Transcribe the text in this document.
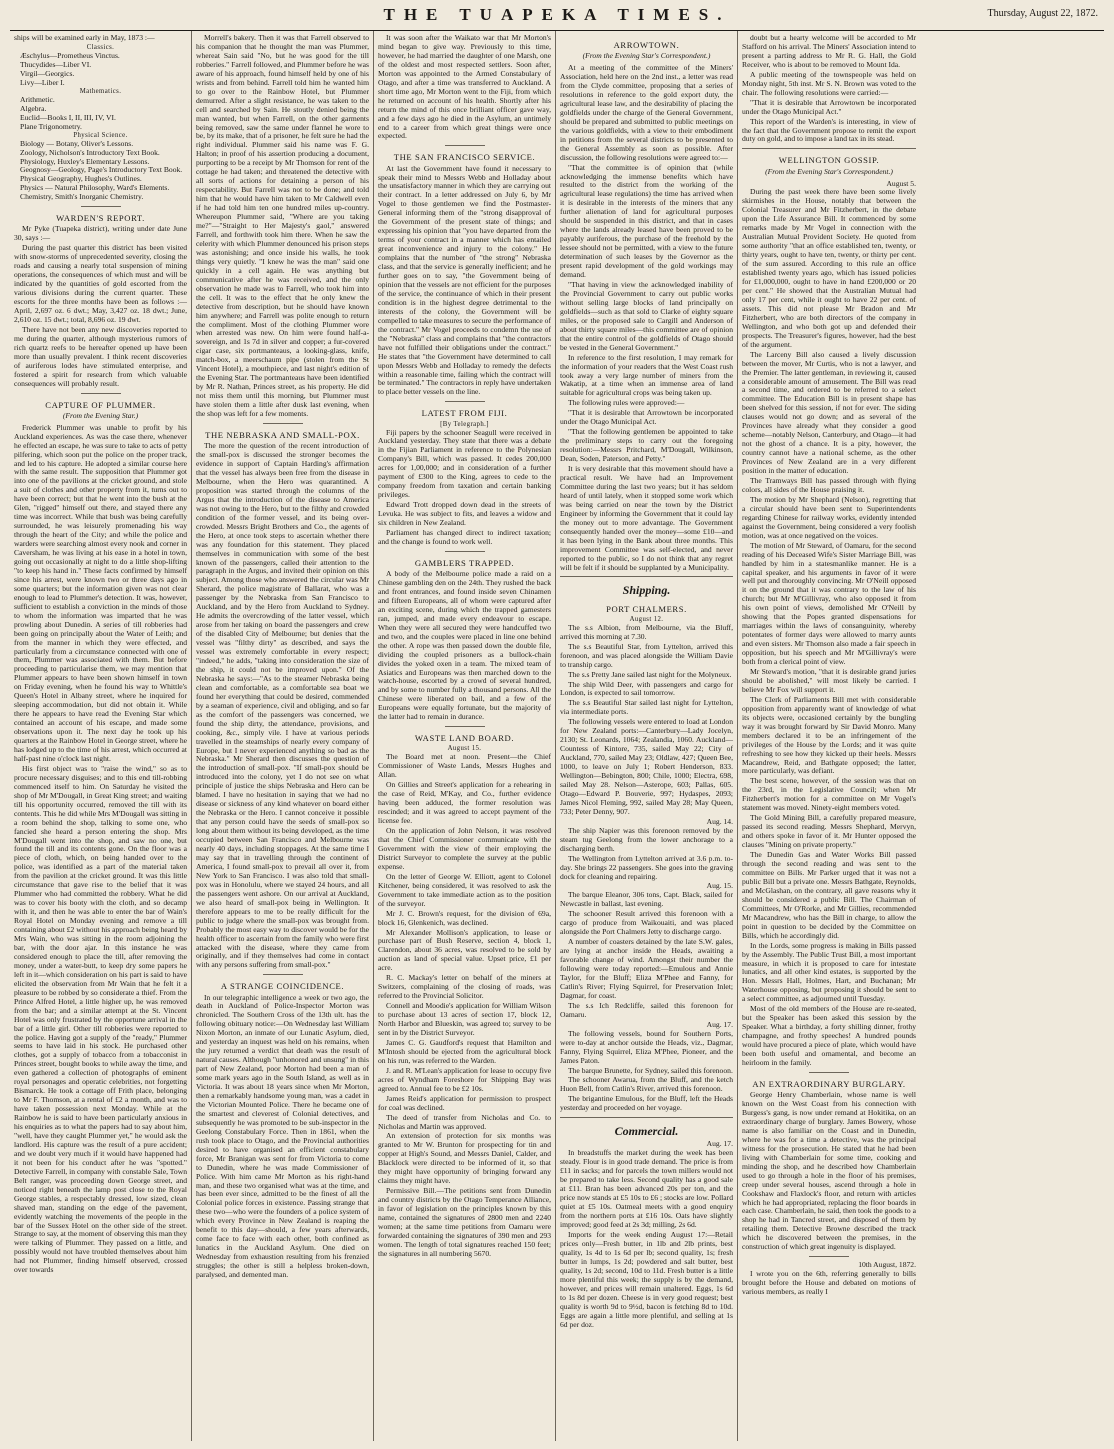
THE TUAPEKA TIMES.	Thursday, August 22, 1872.

ships will be examined early in May, 1873 :—

Classics.
Æschylus—Prometheus Vinctus.
Thucydides—Liber VI.
Virgil—Georgics.
Livy—Liber I.
Mathematics.
Arithmetic.
Algebra.
Euclid—Books I, II, III, IV, VI.
Plane Trigonometry.
Physical Science.
Biology — Botany, Oliver's Lessons.
Zoology, Nicholson's Introductory Text Book.
Physiology, Huxley's Elementary Lessons.
Geognosy—Geology, Page's Introductory Text Book.
Physical Geography, Hughes's Outlines.
Physics — Natural Philosophy, Ward's Elements.
Chemistry, Smith's Inorganic Chemistry.
WARDEN'S REPORT.

Mr Pyke (Tuapeka district), writing under date June 30, says :—

During the past quarter this district has been visited with snow-storms of unprecedented severity, closing the roads and causing a nearly total suspension of mining operations, the consequences of which must and will be indicated by the quantities of gold escorted from the various divisions during the current quarter. These escorts for the three months have been as follows :—April, 2,697 oz. 6 dwt.; May, 3,427 oz. 18 dwt.; June, 2,610 oz. 15 dwt.; total, 8,696 oz. 19 dwt.

There have not been any new discoveries reported to me during the quarter, although mysterious rumors of rich quartz reefs to be hereafter opened up have been more than usually prevalent. I think recent discoveries of auriferous lodes have stimulated enterprise, and fostered a spirit for research from which valuable consequences will probably result.

CAPTURE OF PLUMMER.
(From the Evening Star.)

Frederick Plummer was unable to profit by his Auckland experiences. As was the case there, whenever he effected an escape, he was sure to take to acts of petty pilfering, which soon put the police on the proper track, and led to his capture. He adopted a similar course here with the same result. The supposition that Plummer got into one of the pavilions at the cricket ground, and stole a suit of clothes and other property from it, turns out to have been correct; but that he went into the bush at the Glen, "rigged" himself out there, and stayed there any time was incorrect. While that bush was being carefully surrounded, he was leisurely promenading his way through the heart of the City; and while the police and warders were searching almost every nook and corner in Caversham, he was living at his ease in a hotel in town, going out occasionally at night to do a little shop-lifting "to keep his hand in." These facts confirmed by himself since his arrest, were known two or three days ago in some quarters; but the information given was not clear enough to lead to Plummer's detection. It was, however, sufficient to establish a conviction in the minds of those to whom the information was imparted that he was prowling about Dunedin. A series of till robberies had been going on principally about the Water of Leith; and from the manner in which they were effected, and particularly from a circumstance connected with one of them, Plummer was associated with them. But before proceeding to particularise them, we may mention that Plummer appears to have been shown himself in town on Friday evening, when he found his way to Whittle's Queen's Hotel in Albany street, where he inquired for sleeping accommodation, but did not obtain it. While there he appears to have read the Evening Star which contained an account of his escape, and made some observations upon it. The next day he took up his quarters at the Rainbow Hotel in George street, where he has lodged up to the time of his arrest, which occurred at half-past nine o'clock last night.

His first object was to "raise the wind," so as to procure necessary disguises; and to this end till-robbing commenced itself to him. On Saturday he visited the shop of Mr M'Dougall, in Great King street; and waiting till his opportunity occurred, removed the till with its contents. This he did while Mrs M'Dougall was sitting in a room behind the shop, talking to some one, who fancied she heard a person entering the shop. Mrs M'Dougall went into the shop, and saw no one, but found the till and its contents gone. On the floor was a piece of cloth, which, on being handed over to the police, was identified as a part of the material taken from the pavilion at the cricket ground. It was this little circumstance that gave rise to the belief that it was Plummer who had committed the robbery. What he did was to cover his booty with the cloth, and so decamp with it, and then he was able to enter the bar of Wain's Royal Hotel on Monday evening and remove a till containing about £2 without his approach being heard by Mrs Wain, who was sitting in the room adjoining the bar, with the door ajar. In this instance he was considered enough to place the till, after removing the money, under a water-butt, to keep dry some papers he left in it—which consideration on his part is said to have elicited the observation from Mr Wain that he felt it a pleasure to be robbed by so considerate a thief. From the Prince Alfred Hotel, a little higher up, he was removed from the bar; and a similar attempt at the St. Vincent Hotel was only frustrated by the opportune arrival in the bar of a little girl. Other till robberies were reported to the police. Having got a supply of the "ready," Plummer seems to have laid in his stock. He purchased other clothes, got a supply of tobacco from a tobacconist in Princes street, bought books to while away the time, and even gathered a collection of photographs of eminent royal personages and operatic celebrities, not forgetting Bismarck. He took a cottage off Frith place, belonging to Mr F. Thomson, at a rental of £2 a month, and was to have taken possession next Monday. While at the Rainbow he is said to have been particularly anxious in his enquiries as to what the papers had to say about him, "well, have they caught Plummer yet," he would ask the landlord. His capture was the result of a pure accident; and we doubt very much if it would have happened had it not been for his conduct after he was "spotted." Detective Farrell, in company with constable Sale, Town Belt ranger, was proceeding down George street, and noticed right beneath the lamp post close to the Royal George stables, a respectably dressed, low sized, clean shaved man, standing on the edge of the pavement, evidently watching the movements of the people in the bar of the Sussex Hotel on the other side of the street. Strange to say, at the moment of observing this man they were talking of Plummer. They passed on a little, and possibly would not have troubled themselves about him had not Plummer, finding himself observed, crossed over towards

Morrell's bakery. Then it was that Farrell observed to his companion that he thought the man was Plummer, whereat Sain said "No, but he was good for the till robberies." Farrell followed, and Plummer before he was aware of his approach, found himself held by one of his wrists and from behind. Farrell told him he wanted him to go over to the Rainbow Hotel, but Plummer demurred. After a slight resistance, he was taken to the cell and searched by Sain. He stoutly denied being the man wanted, but when Farrell, on the other garments being removed, saw the same under flannel he wore to be, by its make, that of a prisoner, he felt sure he had the right individual. Plummer said his name was F. G. Halton; in proof of his assertion producing a document, purporting to be a receipt by Mr Thomson for rent of the cottage he had taken; and threatened the detective with all sorts of actions for detaining a person of his respectability. But Farrell was not to be done; and told him that he would have him taken to Mr Caldwell even if he had told him ten one hundred miles up-country. Whereupon Plummer said, "Where are you taking me?"—"Straight to Her Majesty's gaol," answered Farrell, and forthwith took him there. When he saw the celerity with which Plummer denounced his prison steps was astonishing; and once inside his walls, he took things very quietly. "I knew he was the man" said one quickly in a cell again. He was anything but communicative after he was received, and the only observation he made was to Farrell, who took him into the cell. It was to the effect that he only knew the detective from description, but he should have known him anywhere; and Farrell was polite enough to return the compliment. Most of the clothing Plummer wore when arrested was new. On him were found half-a-sovereign, and 1s 7d in silver and copper; a fur-covered cigar case, six portmanteaus, a looking-glass, knife, match-box, a meerschaum pipe (stolen from the St Vincent Hotel), a mouthpiece, and last night's edition of the Evening Star. The portmanteaus have been identified by Mr R. Nathan, Princes street, as his property. He did not miss them until this morning, but Plummer must have stolen them a little after dusk last evening, when the shop was left for a few moments.

THE NEBRASKA AND SMALL-POX.

The more the question of the recent introduction of the small-pox is discussed the stronger becomes the evidence in support of Captain Harding's affirmation that the vessel has always been free from the disease in Melbourne, when the Hero was quarantined. A proposition was started through the columns of the Argus that the introduction of the disease to America was not owing to the Hero, but to the filthy and crowded condition of the former vessel, and its being over-crowded. Messrs Bright Brothers and Co., the agents of the Hero, at once took steps to ascertain whether there was any foundation for this statement. They placed themselves in communication with some of the best known of the passengers, called their attention to the paragraph in the Argus, and invited their opinion on this subject. Among those who answered the circular was Mr Sherard, the police magistrate of Ballarat, who was a passenger by the Nebraska from San Francisco to Auckland, and by the Hero from Auckland to Sydney. He admits the overcrowding of the latter vessel, which arose from her taking on board the passengers and crew of the disabled City of Melbourne; but denies that the vessel was "filthy dirty" as described, and says the vessel was extremely comfortable in every respect; "indeed," he adds, "taking into consideration the size of the ship, it could not be improved upon." Of the Nebraska he says:—"As to the steamer Nebraska being clean and comfortable, as a comfortable sea boat we found her everything that could be desired, commended by a seaman of experience, civil and obliging, and so far as the comfort of the passengers was concerned, we found the ship dirty, the attendance, provisions, and cooking, &c., simply vile. I have at various periods travelled in the steamships of nearly every company of Europe, but I never experienced anything so bad as the Nebraska." Mr Sherard then discusses the question of the introduction of small-pox. "If small-pox should be introduced into the colony, yet I do not see on what principle of justice the ships Nebraska and Hero can be blamed. I have no hesitation in saying that we had no disease or sickness of any kind whatever on board either the Nebraska or the Hero. I cannot conceive it possible that any person could have the seeds of small-pox so long about them without its being developed, as the time occupied between San Francisco and Melbourne was nearly 40 days, including stoppages. At the same time I may say that in travelling through the continent of America, I found small-pox to prevail all over it, from New York to San Francisco. I was also told that small-pox was in Honolulu, where we stayed 24 hours, and all the passengers went ashore. On our arrival at Auckland, we also heard of small-pox being in Wellington. It therefore appears to me to be really difficult for the public to judge where the small-pox was brought from. Probably the most easy way to discover would be for the health officer to ascertain from the family who were first attacked with the disease, where they came from originally, and if they themselves had come in contact with any persons suffering from small-pox."

A STRANGE COINCIDENCE.

In our telegraphic intelligence a week or two ago, the death in Auckland of Police-Inspector Morton was chronicled. The Southern Cross of the 13th ult. has the following obituary notice:—On Wednesday last William Nixon Morton, an inmate of our Lunatic Asylum, died, and yesterday an inquest was held on his remains, when the jury returned a verdict that death was the result of natural causes. Although "unhonored and unsung" in this part of New Zealand, poor Morton had been a man of some mark years ago in the South Island, as well as in Victoria. It was about 18 years since when Mr Morton, then a remarkably handsome young man, was a cadet in the Victorian Mounted Police. There he became one of the smartest and cleverest of Colonial detectives, and subsequently he was promoted to be sub-inspector in the Geelong Constabulary Force. Then in 1861, when the rush took place to Otago, and the Provincial authorities desired to have organised an efficient constabulary force, Mr Branigan was sent for from Victoria to come to Dunedin, where he was made Commissioner of Police. With him came Mr Morton as his right-hand man, and these two organised what was at the time, and has been ever since, admitted to be the finest of all the Colonial police forces in existence. Passing strange that these two—who were the founders of a police system of which every Province in New Zealand is reaping the benefit to this day—should, a few years afterwards, come face to face with each other, both confined as lunatics in the Auckland Asylum. One died on Wednesday from exhaustion resulting from his frenzied struggles; the other is still a helpless broken-down, paralysed, and demented man.

It was soon after the Waikato war that Mr Morton's mind began to give way. Previously to this time, however, he had married the daughter of one Marsh, one of the oldest and most respected settlers. Soon after, Morton was appointed to the Armed Constabulary of Otago, and after a time was transferred to Auckland. A short time ago, Mr Morton went to the Fiji, from which he returned on account of his health. Shortly after his return the mind of this once brilliant officer gave way, and a few days ago he died in the Asylum, an untimely end to a career from which great things were once expected.

THE SAN FRANCISCO SERVICE.

At last the Government have found it necessary to speak their mind to Messrs Webb and Holladay about the unsatisfactory manner in which they are carrying out their contract. In a letter addressed on July 6, by Mr Vogel to those gentlemen we find the Postmaster-General informing them of the "strong disapproval of the Government of the present state of things; and expressing his opinion that "you have departed from the terms of your contract in a manner which has entailed great inconvenience and injury to the colony." He complains that the number of "the strong" Nebraska class, and that the service is generally inefficient; and he further goes on to say, "the Government being of opinion that the vessels are not efficient for the purposes of the service, the continuance of which in their present condition is in the highest degree detrimental to the interests of the colony, the Government will be compelled to take measures to secure the performance of the contract." Mr Vogel proceeds to condemn the use of the "Nebraska" class and complains that "the contractors have not fulfilled their obligations under the contract." He states that "the Government have determined to call upon Messrs Webb and Holladay to remedy the defects within a reasonable time, failing which the contract will be terminated." The contractors in reply have undertaken to place better vessels on the line.

LATEST FROM FIJI.
[By Telegraph.]

Fiji papers by the schooner Seagull were received in Auckland yesterday. They state that there was a debate in the Fijian Parliament in reference to the Polynesian Company's Bill, which was passed. It cedes 200,000 acres for 1,00,000; and in consideration of a further payment of £300 to the King, agrees to cede to the company freedom from taxation and certain banking privileges.

Edward Trott dropped down dead in the streets of Levuka. He was subject to fits, and leaves a widow and six children in New Zealand.

Parliament has changed direct to indirect taxation; and the change is found to work well.

GAMBLERS TRAPPED.

A body of the Melbourne police made a raid on a Chinese gambling den on the 24th. They rushed the back and front entrances, and found inside seven Chinamen and fifteen Europeans, all of whom were captured after an exciting scene, during which the trapped gamesters ran, jumped, and made every endeavour to escape. When they were all secured they were handcuffed two and two, and the couples were placed in line one behind the other. A rope was then passed down the double file, dividing the coupled prisoners as a bullock-chain divides the yoked oxen in a team. The mixed team of Asiatics and Europeans was then marched down to the watch-house, escorted by a crowd of several hundred, and by some to number fully a thousand persons. All the Chinese were liberated on bail, and a few of the Europeans were equally fortunate, but the majority of the latter had to remain in durance.

WASTE LAND BOARD.
August 15.

The Board met at noon. Present—the Chief Commissioner of Waste Lands, Messrs Hughes and Allan.

On Gillies and Street's application for a rehearing in the case of Reid, M'Kay, and Co., further evidence having been adduced, the former resolution was rescinded; and it was agreed to accept payment of the license fee.

On the application of John Nelson, it was resolved that the Chief Commissioner communicate with the Government with the view of their employing the District Surveyor to complete the survey at the public expense.

On the letter of George W. Elliott, agent to Colonel Kitchener, being considered, it was resolved to ask the Government to take immediate action as to the position of the surveyor.

Mr J. C. Brown's request, for the division of 69a, block 16, Glenkenich, was declined.

Mr Alexander Mollison's application, to lease or purchase part of Bush Reserve, section 4, block 1, Clarendon, about 36 acres, was resolved to be sold by auction as land of special value. Upset price, £1 per acre.

R. C. Mackay's letter on behalf of the miners at Switzers, complaining of the closing of roads, was referred to the Provincial Solicitor.

Connell and Moodie's application for William Wilson to purchase about 13 acres of section 17, block 12, North Harbor and Blueskin, was agreed to; survey to be sent in by the District Surveyor.

James C. G. Gaudford's request that Hamilton and M'Intosh should be ejected from the agricultural block on his run, was referred to the Warden.

J. and R. M'Lean's application for lease to occupy five acres of Wyndham Foreshore for Shipping Bay was agreed to. Annual fee to be £2 10s.

James Reid's application for permission to prospect for coal was declined.

The deed of transfer from Nicholas and Co. to Nicholas and Martin was approved.

An extension of protection for six months was granted to Mr W. Brunton for prospecting for tin and copper at High's Sound, and Messrs Daniel, Calder, and Blacklock were directed to be informed of it, so that they might have opportunity of bringing forward any claims they might have.

Permissive Bill.—The petitions sent from Dunedin and country districts by the Otago Temperance Alliance, in favor of legislation on the principles known by this name, contained the signatures of 2800 men and 2240 women; at the same time petitions from Oamaru were forwarded containing the signatures of 390 men and 293 women. The length of total signatures reached 150 feet; the signatures in all numbering 5670.

ARROWTOWN.
(From the Evening Star's Correspondent.)

At a meeting of the committee of the Miners' Association, held here on the 2nd inst., a letter was read from the Clyde committee, proposing that a series of resolutions in reference to the gold export duty, the agricultural lease law, and the desirability of placing the goldfields under the charge of the General Government, should be prepared and submitted to public meetings on the various goldfields, with a view to their embodiment in petitions from the several districts to be presented to the General Assembly as soon as possible. After discussion, the following resolutions were agreed to:—

"That the committee is of opinion that (while acknowledging the immense benefits which have resulted to the district from the working of the agricultural lease regulations) the time has arrived when it is desirable in the interests of the miners that any further alienation of land for agricultural purposes should be suspended in this district, and that in cases where the lands already leased have been proved to be payably auriferous, the purchase of the freehold by the lessee should not be permitted, with a view to the future determination of such leases by the Governor as the present rapid development of the gold workings may demand.

"That having in view the acknowledged inability of the Provincial Government to carry out public works without selling large blocks of land principally on goldfields—such as that sold to Clarke of eighty square miles, or the proposed sale to Cargill and Anderson of about thirty square miles—this committee are of opinion that the entire control of the goldfields of Otago should be vested in the General Government."

In reference to the first resolution, I may remark for the information of your readers that the West Coast rush took away a very large number of miners from the Wakatip, at a time when an immense area of land suitable for agricultural crops was being taken up.

The following rules were approved:—

"That it is desirable that Arrowtown be incorporated under the Otago Municipal Act.

"That the following gentlemen be appointed to take the preliminary steps to carry out the foregoing resolution:—Messrs Pritchard, M'Dougall, Wilkinson, Dean, Soden, Paterson, and Petty."

It is very desirable that this movement should have a practical result. We have had an Improvement Committee during the last two years; but it has seldom heard of until lately, when it stopped some work which was being carried on near the town by the District Engineer by informing the Government that it could lay the money out to more advantage. The Government consequently handed over the money—some £10—and it has been lying in the Bank about three months. This improvement Committee was self-elected, and never reported to the public, so I do not think that any regret will be felt if it should be supplanted by a Municipality.

Shipping.
PORT CHALMERS.
August 12.

The s.s Albion, from Melbourne, via the Bluff, arrived this morning at 7.30.

The s.s Beautiful Star, from Lyttelton, arrived this forenoon, and was placed alongside the William Davie to tranship cargo.

The s.s Pretty Jane sailed last night for the Molyneux.

The ship Wild Deer, with passengers and cargo for London, is expected to sail tomorrow.

The s.s Beautiful Star sailed last night for Lyttelton, via intermediate ports.

The following vessels were entered to load at London for New Zealand ports:—Canterbury—Lady Jocelyn, 2130; St. Leonards, 1064; Zealandia, 1060. Auckland—Countess of Kintore, 735, sailed May 22; City of Auckland, 770, sailed May 23; Oldlaw, 427; Queen Bee, 1000, to leave on July 1; Robert Henderson, 833. Wellington—Bebington, 800; Chile, 1000; Electra, 698, sailed May 28. Nelson—Asterope, 603; Pallas, 605. Otago—Edward P. Bouverie, 997; Hydaspes, 2093; James Nicol Fleming, 992, sailed May 28; May Queen, 733; Peter Denny, 907.

Aug. 14.

The ship Napier was this forenoon removed by the steam tug Geelong from the lower anchorage to a discharging berth.

The Wellington from Lyttelton arrived at 3.6 p.m. to-day. She brings 22 passengers. She goes into the graving dock for cleaning and repairing.

Aug. 15.

The barque Eleanor, 306 tons, Capt. Black, sailed for Newcastle in ballast, last evening.

The schooner Result arrived this forenoon with a cargo of produce from Waikouaiti, and was placed alongside the Port Chalmers Jetty to discharge cargo.

A number of coasters detained by the late S.W. gales, are lying at anchor inside the Heads, awaiting a favorable change of wind. Amongst their number the following were today reported:—Emulous and Annie Taylor, for the Bluff; Eliza M'Phee and Fanny, for Catlin's River; Flying Squirrel, for Preservation Inlet; Dagmar, for coast.

The s.s Ich Redcliffe, sailed this forenoon for Oamaru.

Aug. 17.

The following vessels, bound for Southern Ports, were to-day at anchor outside the Heads, viz., Dagmar, Fanny, Flying Squirrel, Eliza M'Phee, Pioneer, and the James Paton.

The barque Brunette, for Sydney, sailed this forenoon.

The schooner Awarua, from the Bluff, and the ketch Huon Bell, from Catlin's River, arrived this forenoon.

The brigantine Emulous, for the Bluff, left the Heads yesterday and proceeded on her voyage.

Commercial.
Aug. 17.

In breadstuffs the market during the week has been steady. Flour is in good trade demand. The price is from £11 in sacks; and for parcels the town millers would not be prepared to take less. Second quality has a good sale at £11. Bran has been advanced 20s per ton, and the price now stands at £5 10s to £6 ; stocks are low. Pollard quiet at £5 10s. Oatmeal meets with a good enquiry from the northern ports at £16 10s. Oats have slightly improved; good feed at 2s 3d; milling, 2s 6d.

Imports for the week ending August 17:—Retail prices only—Fresh butter, in 1lb and 2lb prints, best quality, 1s 4d to 1s 6d per lb; second quality, 1s; fresh butter in lumps, 1s 2d; powdered and salt butter, best quality, 1s 2d; second, 10d to 11d. Fresh butter is a little more plentiful this week; the supply is by the demand, however, and prices will remain unaltered. Eggs, 1s 6d to 1s 8d per dozen. Cheese is in very good request; best quality is worth 9d to 9½d, bacon is fetching 8d to 10d. Eggs are again a little more plentiful, and selling at 1s 6d per doz.

doubt but a hearty welcome will be accorded to Mr Stafford on his arrival. The Miners' Association intend to present a parting address to Mr R. G. Hall, the Gold Receiver, who is about to be removed to Mount Ida.

A public meeting of the townspeople was held on Monday night, 5th inst. Mr S. N. Brown was voted to the chair. The following resolutions were carried:—

"That it is desirable that Arrowtown be incorporated under the Otago Municipal Act."

This report of the Warden's is interesting, in view of the fact that the Government propose to remit the export duty on gold, and to impose a land tax in its stead.

WELLINGTON GOSSIP.
(From the Evening Star's Correspondent.)
August 5.

During the past week there have been some lively skirmishes in the House, notably that between the Colonial Treasurer and Mr Fitzherbert, in the debate upon the Life Assurance Bill. It commenced by some remarks made by Mr Vogel in connection with the Australian Mutual Provident Society. He quoted from some authority "that an office established ten, twenty, or thirty years, ought to have ten, twenty, or thirty per cent. of the sum assured. According to this rule an office established twenty years ago, which has issued policies for £1,000,000, ought to have in hand £200,000 or 20 per cent." He showed that the Australian Mutual had only 17 per cent, while it ought to have 22 per cent. of assets. This did not please Mr Bradon and Mr Fitzherbert, who are both directors of the company in Wellington, and who both got up and defended their prospects. The Treasurer's figures, however, had the best of the argument.

The Larceny Bill also caused a lively discussion between the mover, Mr Curtis, who is not a lawyer, and the Premier. The latter gentleman, in reviewing it, caused a considerable amount of amusement. The Bill was read a second time, and ordered to be referred to a select committee. The Education Bill is in present shape has been shelved for this session, if not for ever. The siding clauses would not go down; and as several of the Provinces have already what they consider a good scheme—notably Nelson, Canterbury, and Otago—it had not the ghost of a chance. It is a pity, however, the country cannot have a national scheme, as the other Provinces of New Zealand are in a very different position in the matter of education.

The Tramways Bill has passed through with flying colors, all sides of the House praising it.

The motion by Mr Shephard (Nelson), regretting that a circular should have been sent to Superintendents regarding Chinese for railway works, evidently intended against the Government, being considered a very foolish motion, was at once negatived on the voices.

The motion of Mr Steward, of Oamaru, for the second reading of his Deceased Wife's Sister Marriage Bill, was handled by him in a statesmanlike manner. He is a capital speaker, and his arguments in favor of it were well put and thoroughly convincing. Mr O'Neill opposed it on the ground that it was contrary to the law of his church; but Mr M'Gillivray, who also opposed it from his own point of views, demolished Mr O'Neill by showing that the Popes granted dispensations for marriages within the laws of consanguinity, whereby potentates of former days were allowed to marry aunts and even sisters. Mr Thomson also made a fair speech in opposition, but his speech and Mr M'Gillivray's were both from a clerical point of view.

Mr Steward's motion, "that it is desirable grand juries should be abolished," will most likely be carried. I believe Mr Fox will support it.

The Clerk of Parliaments Bill met with considerable opposition from apparently want of knowledge of what its objects were, occasioned certainly by the bungling way it was brought forward by Sir David Monro. Many members declared it to be an infringement of the privileges of the House by the Lords; and it was quite refreshing to see how they kicked up their heels. Messrs Macandrew, Reid, and Bathgate opposed; the latter, more particularly, was defiant.

The best scene, however, of the session was that on the 23rd, in the Legislative Council; when Mr Fitzherbert's motion for a committee on Mr Vogel's statement was moved. Ninety-eight members voted.

The Gold Mining Bill, a carefully prepared measure, passed its second reading. Messrs Shephard, Mervyn, and others spoke in favor of it. Mr Hunter opposed the clauses "Mining on private property."

The Dunedin Gas and Water Works Bill passed through the second reading and was sent to the committee on Bills. Mr Parker urged that it was not a public Bill but a private one. Messrs Bathgate, Reynolds, and McGlashan, on the contrary, all gave reasons why it should be considered a public Bill. The Chairman of Committees, Mr O'Rorke, and Mr Gillies, recommended Mr Macandrew, who has the Bill in charge, to allow the point in question to be decided by the Committee on Bills, which he accordingly did.

In the Lords, some progress is making in Bills passed by the Assembly. The Public Trust Bill, a most important measure, in which it is proposed to care for intestate lunatics, and all other kind estates, is supported by the Hon. Messrs Hall, Holmes, Hart, and Buchanan; Mr Waterhouse opposing, but proposing it should be sent to a select committee, as adjourned until Tuesday.

Most of the old members of the House are re-seated, but the Speaker has been asked this session by the Speaker. What a birthday, a forty shilling dinner, frothy champagne, and frothy speeches! A hundred pounds would have procured a piece of plate, which would have been both useful and ornamental, and become an heirloom in the family.

AN EXTRAORDINARY BURGLARY.

George Henry Chamberlain, whose name is well known on the West Coast from his connection with Burgess's gang, is now under remand at Hokitika, on an extraordinary charge of burglary. James Bowery, whose name is also familiar on the Coast and in Dunedin, where he was for a time a detective, was the principal witness for the prosecution. He stated that he had been living with Chamberlain for some time, cooking and minding the shop, and he described how Chamberlain used to go through a hole in the floor of his premises, creep under several houses, ascend through a hole in Cookshaw and Flaxlock's floor, and return with articles which he had appropriated, replacing the floor boards in each case. Chamberlain, he said, then took the goods to a shop he had in Tancred street, and disposed of them by retailing them. Detective Browne described the track which he discovered between the premises, in the construction of which great ingenuity is displayed.

10th August, 1872.

I wrote you on the 6th, referring generally to bills brought before the House and debated on motions of various members, as really I
